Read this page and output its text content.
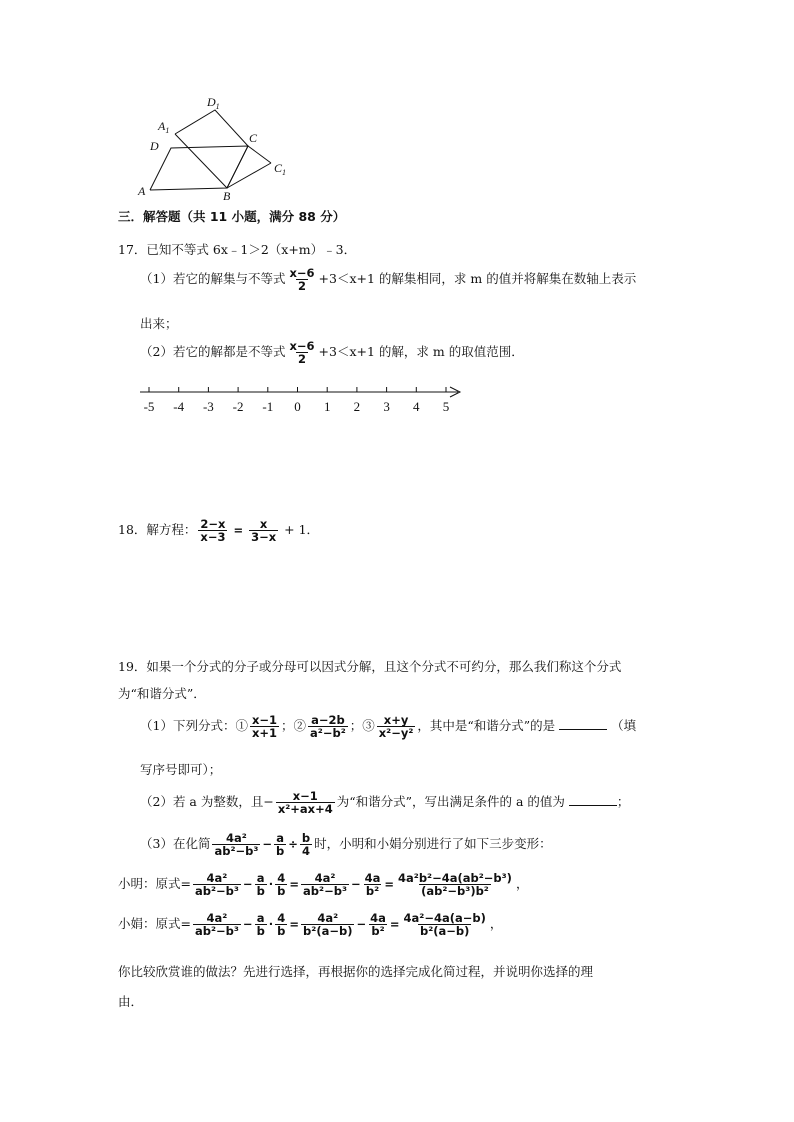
$D_1$
$A_1$
D
C
$C_1$
A	B
三．解答题（共 11 小题，满分 88 分）
17．已知不等式 6x﹣1＞2（x+m）﹣3．
（1）若它的解集与不等式 $\frac{x-6}{2} +3<x+1$ 的解集相同，求 m 的值并将解集在数轴上表示
出来；
（2）若它的解都是不等式 $\frac{x-6}{2} +3<x+1$ 的解，求 m 的取值范围．
-5 -4 -3 -2 -1 0 1 2 3 4 5
18．解方程： $\frac{2-x}{x-3} = \frac{x}{3-x} + 1$．
19．如果一个分式的分子或分母可以因式分解，且这个分式不可约分，那么我们称这个分式
为“和谐分式”．
（1）下列分式：① $\frac{x-1}{x+1}$ ；② $\frac{a-2b}{\text{a²−b²}}$ ；③ $\frac{x+y}{\text{x²−y²}}$ ，其中是“和谐分式”的是	（填
写序号即可）；
（2）若 a 为整数，且− $\frac{x-1}{\text{x²+ax+4}}$ 为“和谐分式”，写出满足条件的 a 的值为	；
（3）在化简 $\frac{\text{4a²}}{\text{ab²−b³}} - \frac{a}{b} \div \frac{b}{4}$ 时，小明和小娟分别进行了如下三步变形：
小明：原式= $\frac{\text{4a²}}{\text{ab²−b³}} - \frac{a}{b} \cdot \frac{4}{b} = \frac{\text{4a²}}{\text{ab²−b³}} - \frac{4a}{\text{b²}} = \frac{\text{4a²b²−4a(ab²−b³)}}{\text{(ab²−b³)b²}}$ ，
小娟：原式= $\frac{\text{4a²}}{\text{ab²−b³}} - \frac{a}{b} \cdot \frac{4}{b} = \frac{\text{4a²}}{\text{b²(a−b)}} - \frac{4a}{\text{b²}} = \frac{\text{4a²−4a(a−b)}}{\text{b²(a−b)}}$ ，
你比较欣赏谁的做法？先进行选择，再根据你的选择完成化简过程，并说明你选择的理
由．
